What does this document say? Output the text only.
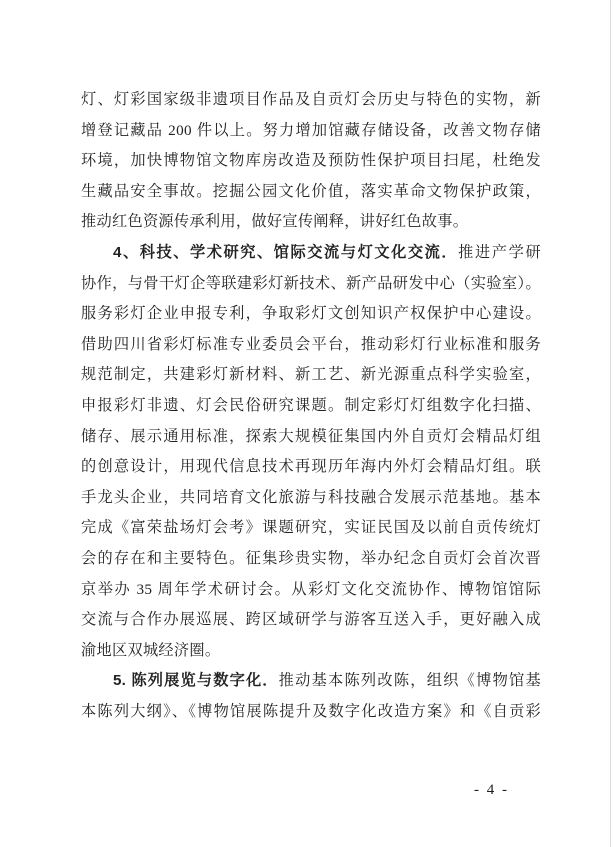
灯、灯彩国家级非遗项目作品及自贡灯会历史与特色的实物，新
增登记藏品 200 件以上。努力增加馆藏存储设备，改善文物存储
环境，加快博物馆文物库房改造及预防性保护项目扫尾，杜绝发
生藏品安全事故。挖掘公园文化价值，落实革命文物保护政策，
推动红色资源传承利用，做好宣传阐释，讲好红色故事。
4、科技、学术研究、馆际交流与灯文化交流．推进产学研
协作，与骨干灯企等联建彩灯新技术、新产品研发中心（实验室）。
服务彩灯企业申报专利，争取彩灯文创知识产权保护中心建设。
借助四川省彩灯标准专业委员会平台，推动彩灯行业标准和服务
规范制定，共建彩灯新材料、新工艺、新光源重点科学实验室，
申报彩灯非遗、灯会民俗研究课题。制定彩灯灯组数字化扫描、
储存、展示通用标准，探索大规模征集国内外自贡灯会精品灯组
的创意设计，用现代信息技术再现历年海内外灯会精品灯组。联
手龙头企业，共同培育文化旅游与科技融合发展示范基地。基本
完成《富荣盐场灯会考》课题研究，实证民国及以前自贡传统灯
会的存在和主要特色。征集珍贵实物，举办纪念自贡灯会首次晋
京举办 35 周年学术研讨会。从彩灯文化交流协作、博物馆馆际
交流与合作办展巡展、跨区域研学与游客互送入手，更好融入成
渝地区双城经济圈。
5. 陈列展览与数字化．推动基本陈列改陈，组织《博物馆基
本陈列大纲》、《博物馆展陈提升及数字化改造方案》和《自贡彩
- 4 -
